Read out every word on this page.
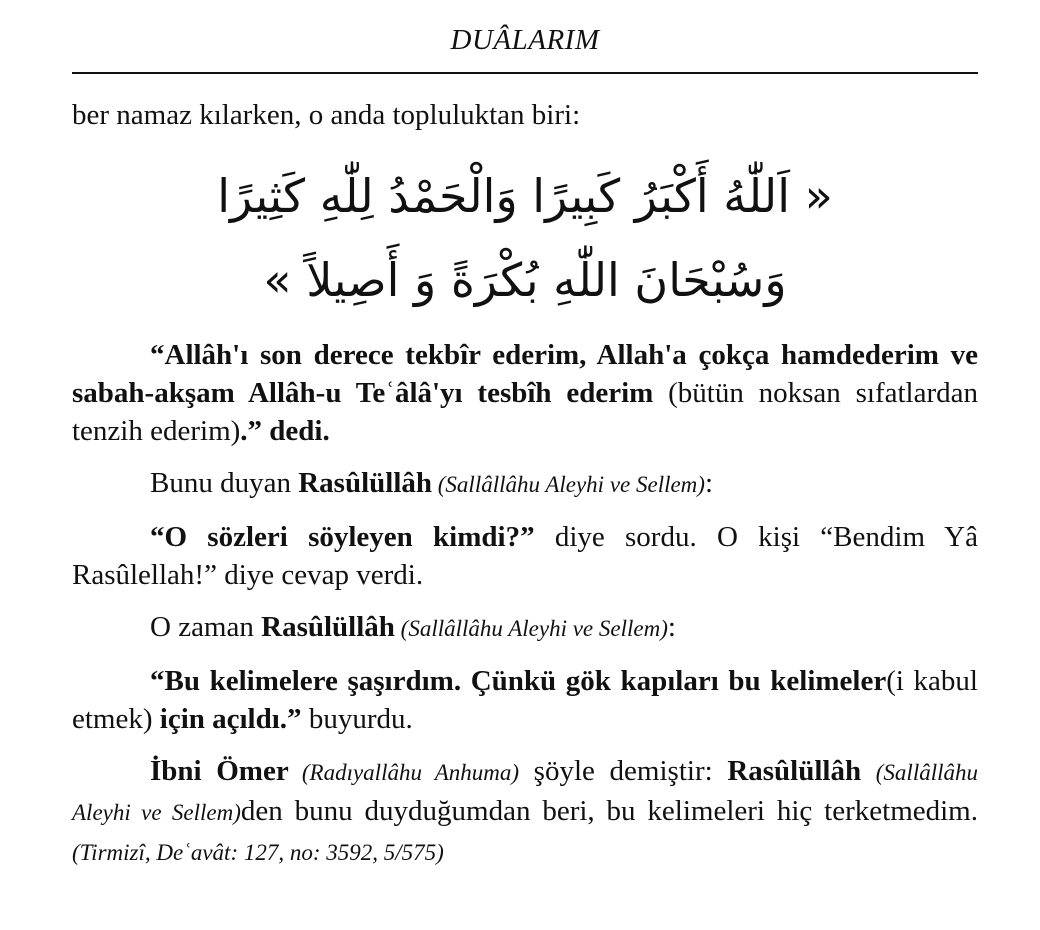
DUÂLARIM

ber namaz kılarken, o anda topluluktan biri:

« اَللّٰهُ أَكْبَرُ كَبِيرًا وَالْحَمْدُ لِلّٰهِ كَثِيرًا

وَسُبْحَانَ اللّٰهِ بُكْرَةً وَ أَصِيلاً »

“Allâh'ı son derece tekbîr ederim, Allah'a çokça hamdederim ve sabah-akşam Allâh-u Teʿâlâ'yı tesbîh ederim (bütün noksan sıfatlardan tenzih ederim).” dedi.

Bunu duyan Rasûlüllâh (Sallâllâhu Aleyhi ve Sellem):

“O sözleri söyleyen kimdi?” diye sordu. O kişi “Bendim Yâ Rasûlellah!” diye cevap verdi.

O zaman Rasûlüllâh (Sallâllâhu Aleyhi ve Sellem):

“Bu kelimelere şaşırdım. Çünkü gök kapıları bu kelimeler(i kabul etmek) için açıldı.” buyurdu.

İbni Ömer (Radıyallâhu Anhuma) şöyle demiştir: Rasûlüllâh (Sallâllâhu Aleyhi ve Sellem)den bunu duyduğumdan beri, bu kelimeleri hiç terketmedim. (Tirmizî, Deʿavât: 127, no: 3592, 5/575)
